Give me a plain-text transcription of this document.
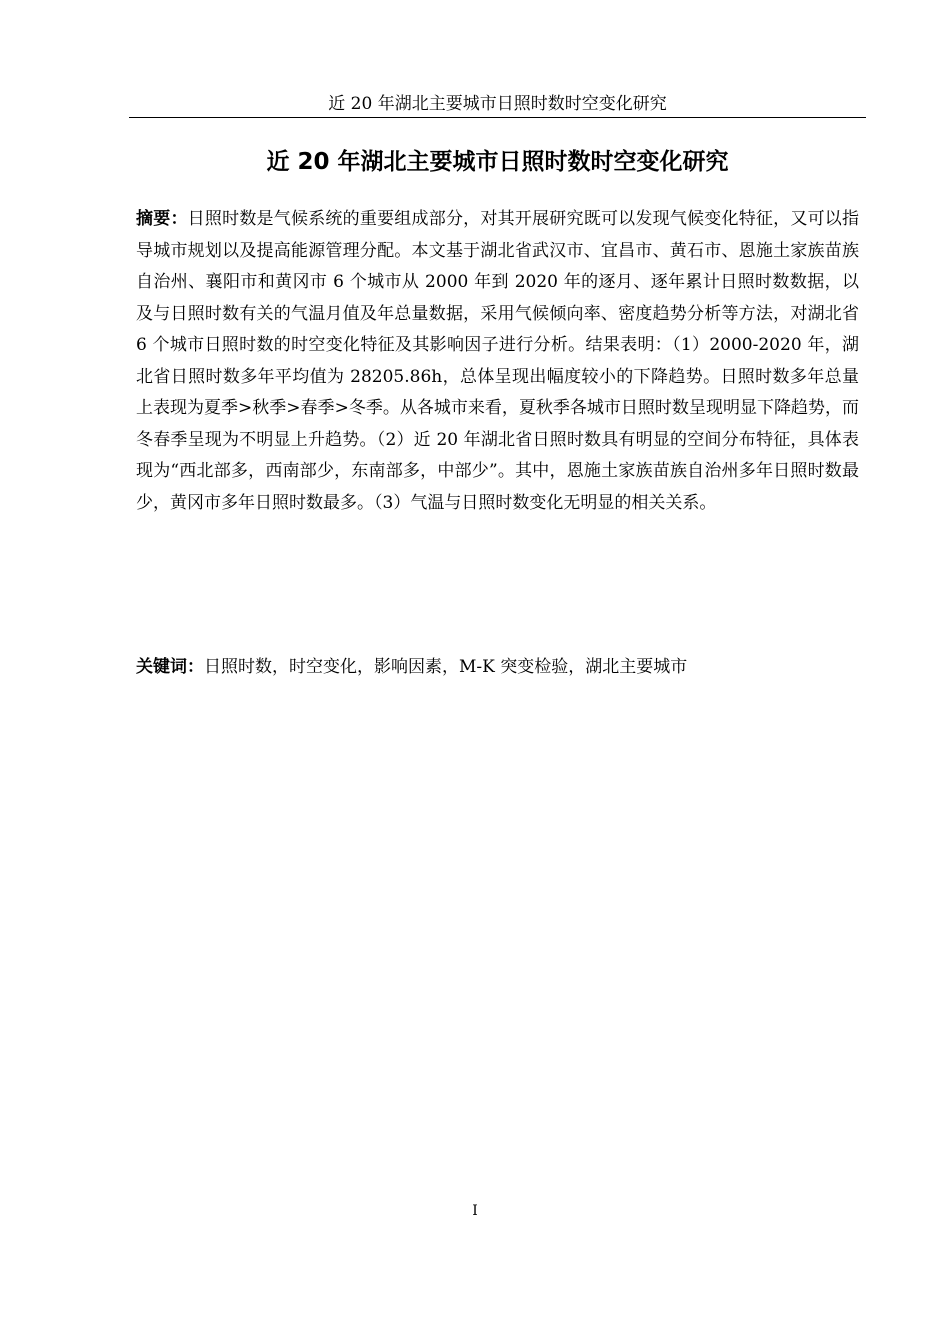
近 20 年湖北主要城市日照时数时空变化研究
近 20 年湖北主要城市日照时数时空变化研究

摘要：日照时数是气候系统的重要组成部分，对其开展研究既可以发现气候变化特征，又可以指导城市规划以及提高能源管理分配。本文基于湖北省武汉市、宜昌市、黄石市、恩施土家族苗族自治州、襄阳市和黄冈市 6 个城市从 2000 年到 2020 年的逐月、逐年累计日照时数数据，以及与日照时数有关的气温月值及年总量数据，采用气候倾向率、密度趋势分析等方法，对湖北省 6 个城市日照时数的时空变化特征及其影响因子进行分析。结果表明：（1）2000-2020 年，湖北省日照时数多年平均值为 28205.86h，总体呈现出幅度较小的下降趋势。日照时数多年总量上表现为夏季>秋季>春季>冬季。从各城市来看，夏秋季各城市日照时数呈现明显下降趋势，而冬春季呈现为不明显上升趋势。（2）近 20 年湖北省日照时数具有明显的空间分布特征，具体表现为“西北部多，西南部少，东南部多，中部少”。其中，恩施土家族苗族自治州多年日照时数最少，黄冈市多年日照时数最多。（3）气温与日照时数变化无明显的相关关系。

关键词：日照时数，时空变化，影响因素，M-K 突变检验，湖北主要城市

I
